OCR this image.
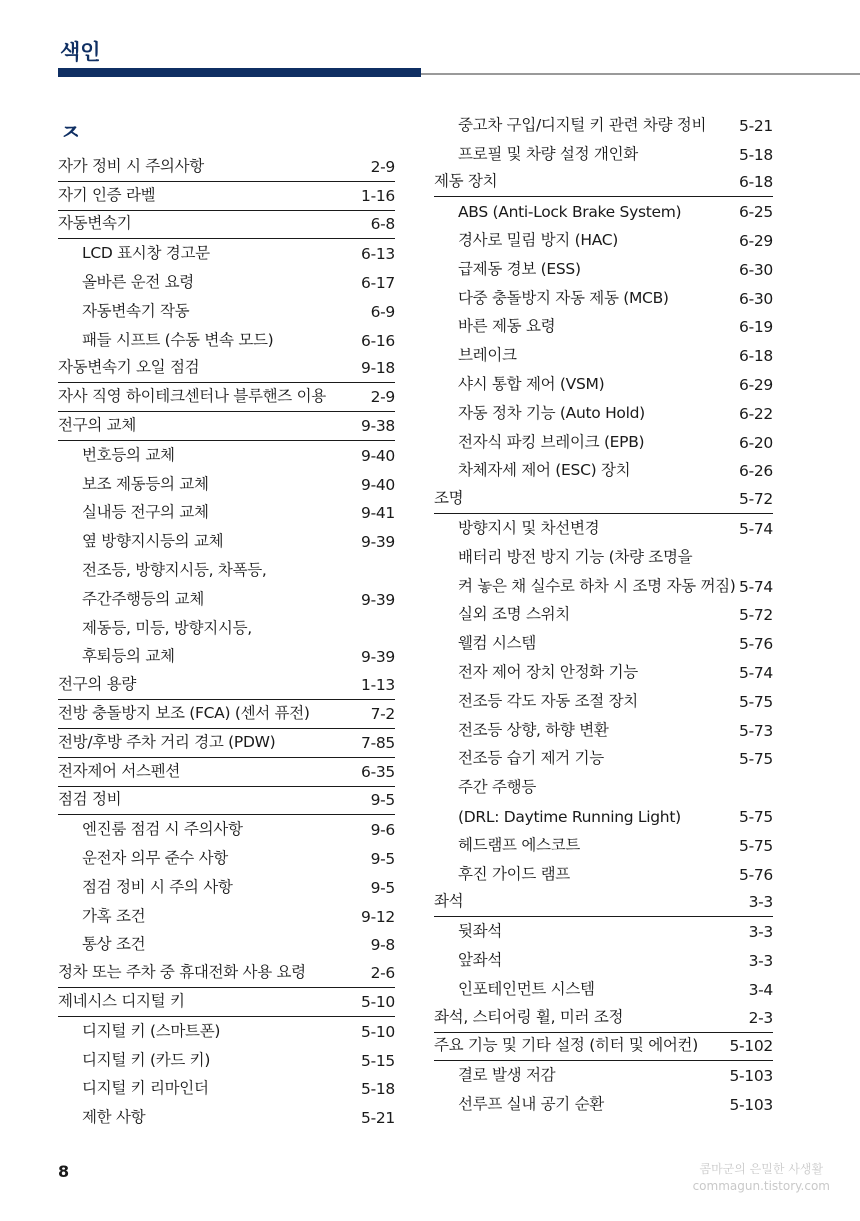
색인
ㅈ
자가 정비 시 주의사항	2-9
자기 인증 라벨	1-16
자동변속기	6-8
LCD 표시창 경고문	6-13
올바른 운전 요령	6-17
자동변속기 작동	6-9
패들 시프트 (수동 변속 모드)	6-16
자동변속기 오일 점검	9-18
자사 직영 하이테크센터나 블루핸즈 이용	2-9
전구의 교체	9-38
번호등의 교체	9-40
보조 제동등의 교체	9-40
실내등 전구의 교체	9-41
옆 방향지시등의 교체	9-39
전조등, 방향지시등, 차폭등,
주간주행등의 교체	9-39
제동등, 미등, 방향지시등,
후퇴등의 교체	9-39
전구의 용량	1-13
전방 충돌방지 보조 (FCA) (센서 퓨전)	7-2
전방/후방 주차 거리 경고 (PDW)	7-85
전자제어 서스펜션	6-35
점검 정비	9-5
엔진룸 점검 시 주의사항	9-6
운전자 의무 준수 사항	9-5
점검 정비 시 주의 사항	9-5
가혹 조건	9-12
통상 조건	9-8
정차 또는 주차 중 휴대전화 사용 요령	2-6
제네시스 디지털 키	5-10
디지털 키 (스마트폰)	5-10
디지털 키 (카드 키)	5-15
디지털 키 리마인더	5-18
제한 사항	5-21
중고차 구입/디지털 키 관련 차량 정비 5-21
프로필 및 차량 설정 개인화	5-18
제동 장치	6-18
ABS (Anti-Lock Brake System)	6-25
경사로 밀림 방지 (HAC)	6-29
급제동 경보 (ESS)	6-30
다중 충돌방지 자동 제동 (MCB)	6-30
바른 제동 요령	6-19
브레이크	6-18
샤시 통합 제어 (VSM)	6-29
자동 정차 기능 (Auto Hold)	6-22
전자식 파킹 브레이크 (EPB)	6-20
차체자세 제어 (ESC) 장치	6-26
조명	5-72
방향지시 및 차선변경	5-74
배터리 방전 방지 기능 (차량 조명을
켜 놓은 채 실수로 하차 시 조명 자동 꺼짐) 5-74
실외 조명 스위치	5-72
웰컴 시스템	5-76
전자 제어 장치 안정화 기능	5-74
전조등 각도 자동 조절 장치	5-75
전조등 상향, 하향 변환	5-73
전조등 습기 제거 기능	5-75
주간 주행등
(DRL: Daytime Running Light)	5-75
헤드램프 에스코트	5-75
후진 가이드 램프	5-76
좌석	3-3
뒷좌석	3-3
앞좌석	3-3
인포테인먼트 시스템	3-4
좌석, 스티어링 휠, 미러 조정	2-3
주요 기능 및 기타 설정 (히터 및 에어컨) 5-102
결로 발생 저감	5-103
선루프 실내 공기 순환	5-103
8	콤마군의 은밀한 사생활
commagun.tistory.com
